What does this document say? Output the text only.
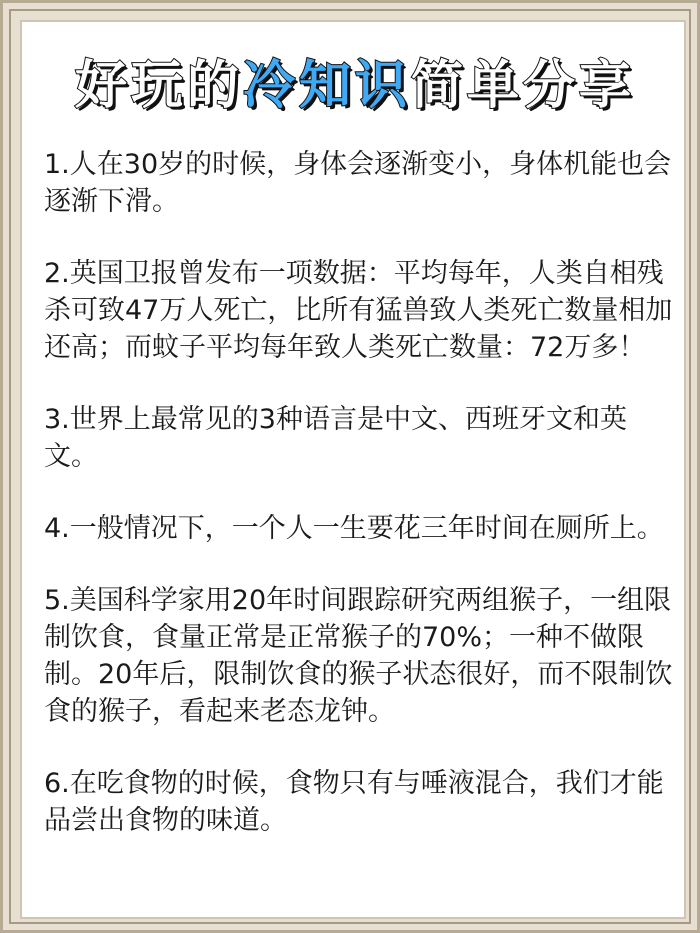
好玩的冷知识简单分享

1.人在30岁的时候，身体会逐渐变小，身体机能也会逐渐下滑。

2.英国卫报曾发布一项数据：平均每年，人类自相残杀可致47万人死亡，比所有猛兽致人类死亡数量相加还高；而蚊子平均每年致人类死亡数量：72万多！

3.世界上最常见的3种语言是中文、西班牙文和英文。

4.一般情况下，一个人一生要花三年时间在厕所上。

5.美国科学家用20年时间跟踪研究两组猴子，一组限制饮食，食量正常是正常猴子的70%；一种不做限制。20年后，限制饮食的猴子状态很好，而不限制饮食的猴子，看起来老态龙钟。

6.在吃食物的时候，食物只有与唾液混合，我们才能品尝出食物的味道。
